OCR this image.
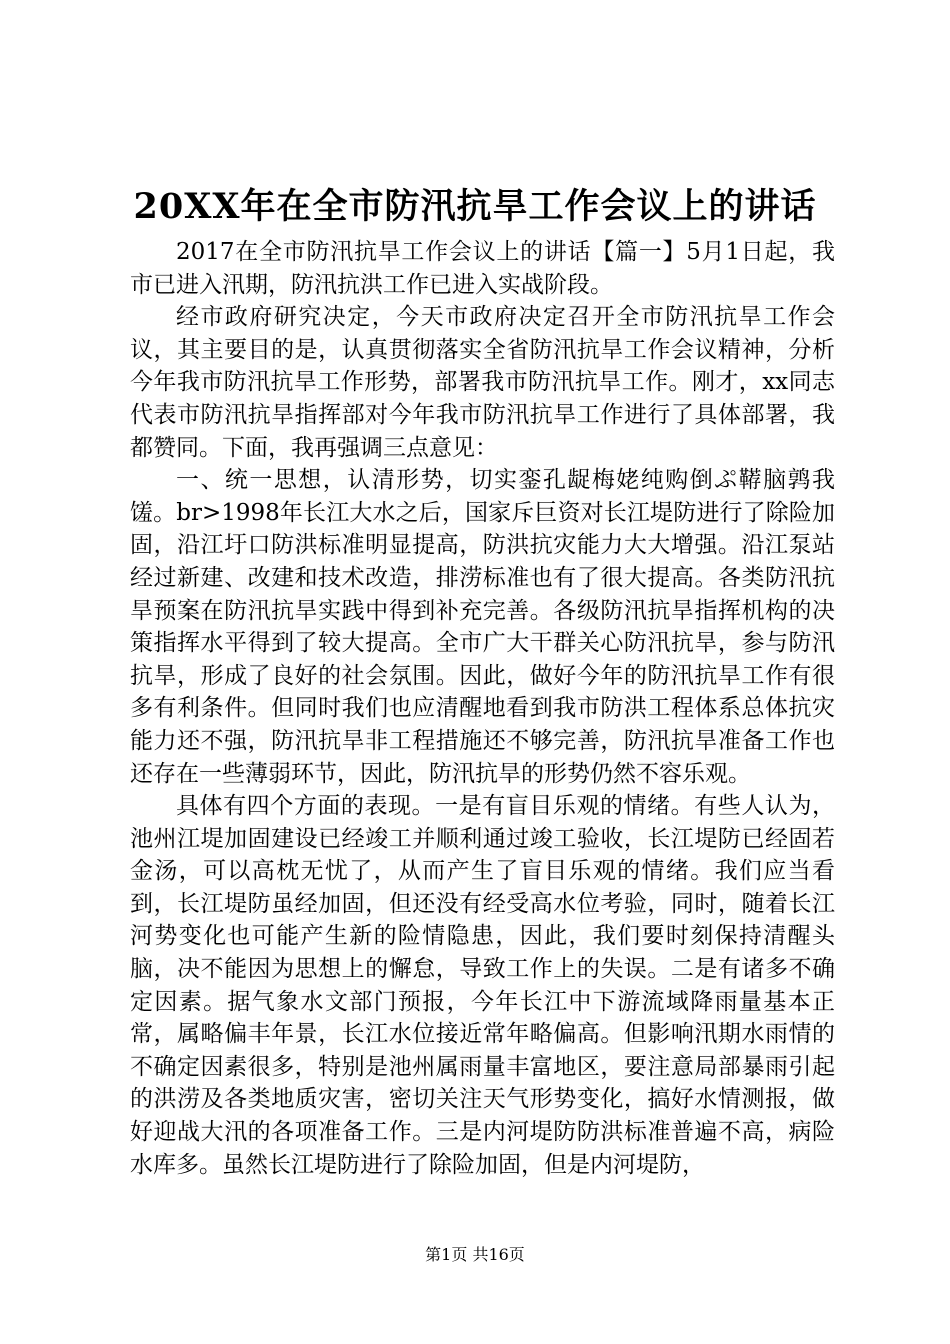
20XX年在全市防汛抗旱工作会议上的讲话

2017在全市防汛抗旱工作会议上的讲话【篇一】5月1日起，我市已进入汛期，防汛抗洪工作已进入实战阶段。

经市政府研究决定，今天市政府决定召开全市防汛抗旱工作会议，其主要目的是，认真贯彻落实全省防汛抗旱工作会议精神，分析今年我市防汛抗旱工作形势，部署我市防汛抗旱工作。刚才，xx同志代表市防汛抗旱指挥部对今年我市防汛抗旱工作进行了具体部署，我都赞同。下面，我再强调三点意见：

一、统一思想，认清形势，切实銮孔龊梅姥纯购倒ぷ鞯脑鹑我馐。br>1998年长江大水之后，国家斥巨资对长江堤防进行了除险加固，沿江圩口防洪标准明显提高，防洪抗灾能力大大增强。沿江泵站经过新建、改建和技术改造，排涝标准也有了很大提高。各类防汛抗旱预案在防汛抗旱实践中得到补充完善。各级防汛抗旱指挥机构的决策指挥水平得到了较大提高。全市广大干群关心防汛抗旱，参与防汛抗旱，形成了良好的社会氛围。因此，做好今年的防汛抗旱工作有很多有利条件。但同时我们也应清醒地看到我市防洪工程体系总体抗灾能力还不强，防汛抗旱非工程措施还不够完善，防汛抗旱准备工作也还存在一些薄弱环节，因此，防汛抗旱的形势仍然不容乐观。

具体有四个方面的表现。一是有盲目乐观的情绪。有些人认为，池州江堤加固建设已经竣工并顺利通过竣工验收，长江堤防已经固若金汤，可以高枕无忧了，从而产生了盲目乐观的情绪。我们应当看到，长江堤防虽经加固，但还没有经受高水位考验，同时，随着长江河势变化也可能产生新的险情隐患，因此，我们要时刻保持清醒头脑，决不能因为思想上的懈怠，导致工作上的失误。二是有诸多不确定因素。据气象水文部门预报，今年长江中下游流域降雨量基本正常，属略偏丰年景，长江水位接近常年略偏高。但影响汛期水雨情的不确定因素很多，特别是池州属雨量丰富地区，要注意局部暴雨引起的洪涝及各类地质灾害，密切关注天气形势变化，搞好水情测报，做好迎战大汛的各项准备工作。三是内河堤防防洪标准普遍不高，病险水库多。虽然长江堤防进行了除险加固，但是内河堤防，

第1页 共16页
